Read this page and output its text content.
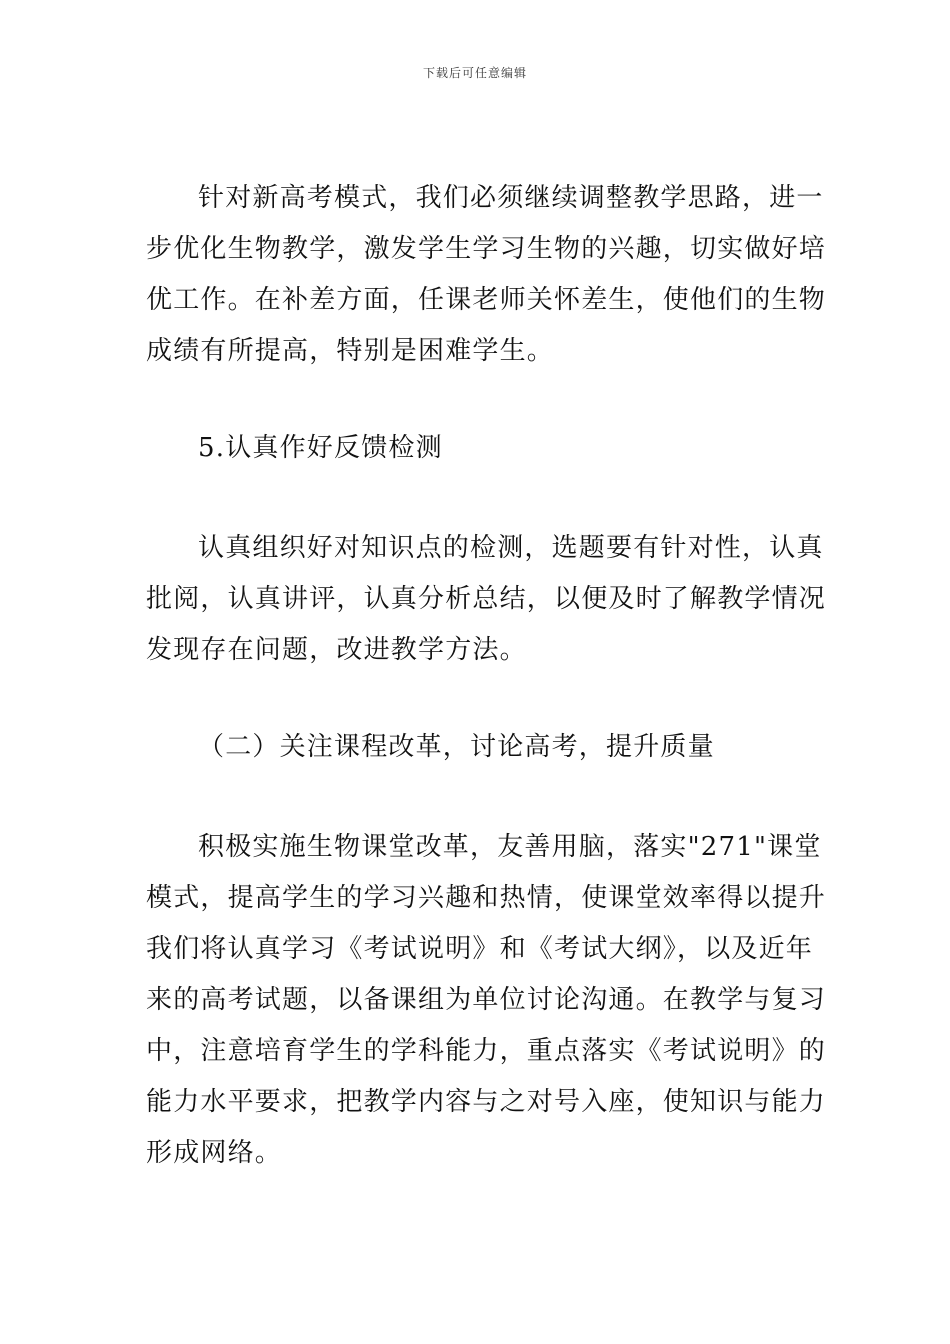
下载后可任意编辑
针对新高考模式，我们必须继续调整教学思路，进一
步优化生物教学，激发学生学习生物的兴趣，切实做好培
优工作。在补差方面，任课老师关怀差生，使他们的生物
成绩有所提高，特别是困难学生。
5.认真作好反馈检测
认真组织好对知识点的检测，选题要有针对性，认真
批阅，认真讲评，认真分析总结，以便及时了解教学情况
发现存在问题，改进教学方法。
（二）关注课程改革，讨论高考，提升质量
积极实施生物课堂改革，友善用脑，落实"271"课堂
模式，提高学生的学习兴趣和热情，使课堂效率得以提升
我们将认真学习《考试说明》和《考试大纲》，以及近年
来的高考试题，以备课组为单位讨论沟通。在教学与复习
中，注意培育学生的学科能力，重点落实《考试说明》的
能力水平要求，把教学内容与之对号入座，使知识与能力
形成网络。
